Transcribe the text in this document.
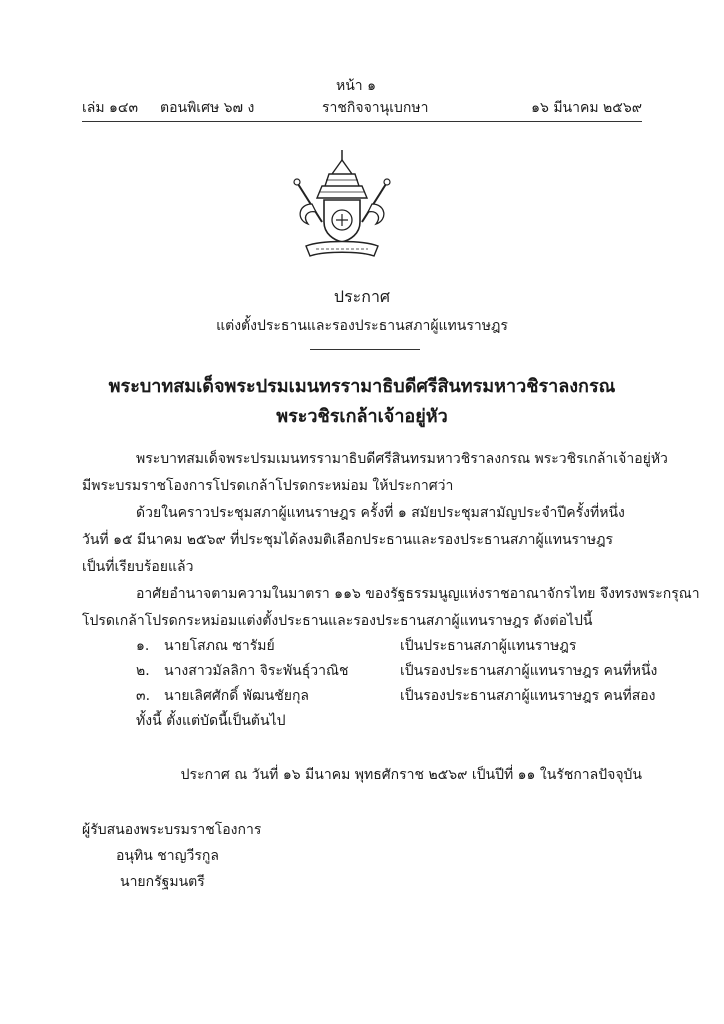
หน้า ๑
เล่ม ๑๔๓ ตอนพิเศษ ๖๗ ง	ราชกิจจานุเบกษา	๑๖ มีนาคม ๒๕๖๙
ประกาศ
แต่งตั้งประธานและรองประธานสภาผู้แทนราษฎร
พระบาทสมเด็จพระปรมเมนทรรามาธิบดีศรีสินทรมหาวชิราลงกรณ
พระวชิรเกล้าเจ้าอยู่หัว
พระบาทสมเด็จพระปรมเมนทรรามาธิบดีศรีสินทรมหาวชิราลงกรณ พระวชิรเกล้าเจ้าอยู่หัว
มีพระบรมราชโองการโปรดเกล้าโปรดกระหม่อม ให้ประกาศว่า
ด้วยในคราวประชุมสภาผู้แทนราษฎร ครั้งที่ ๑ สมัยประชุมสามัญประจำปีครั้งที่หนึ่ง
วันที่ ๑๕ มีนาคม ๒๕๖๙ ที่ประชุมได้ลงมติเลือกประธานและรองประธานสภาผู้แทนราษฎร
เป็นที่เรียบร้อยแล้ว
อาศัยอำนาจตามความในมาตรา ๑๑๖ ของรัฐธรรมนูญแห่งราชอาณาจักรไทย จึงทรงพระกรุณา
โปรดเกล้าโปรดกระหม่อมแต่งตั้งประธานและรองประธานสภาผู้แทนราษฎร ดังต่อไปนี้
๑. นายโสภณ ซารัมย์	เป็นประธานสภาผู้แทนราษฎร
๒. นางสาวมัลลิกา จิระพันธุ์วาณิช	เป็นรองประธานสภาผู้แทนราษฎร คนที่หนึ่ง
๓. นายเลิศศักดิ์ พัฒนชัยกุล	เป็นรองประธานสภาผู้แทนราษฎร คนที่สอง
ทั้งนี้ ตั้งแต่บัดนี้เป็นต้นไป
ประกาศ ณ วันที่ ๑๖ มีนาคม พุทธศักราช ๒๕๖๙ เป็นปีที่ ๑๑ ในรัชกาลปัจจุบัน
ผู้รับสนองพระบรมราชโองการ
อนุทิน ชาญวีรกูล
นายกรัฐมนตรี
